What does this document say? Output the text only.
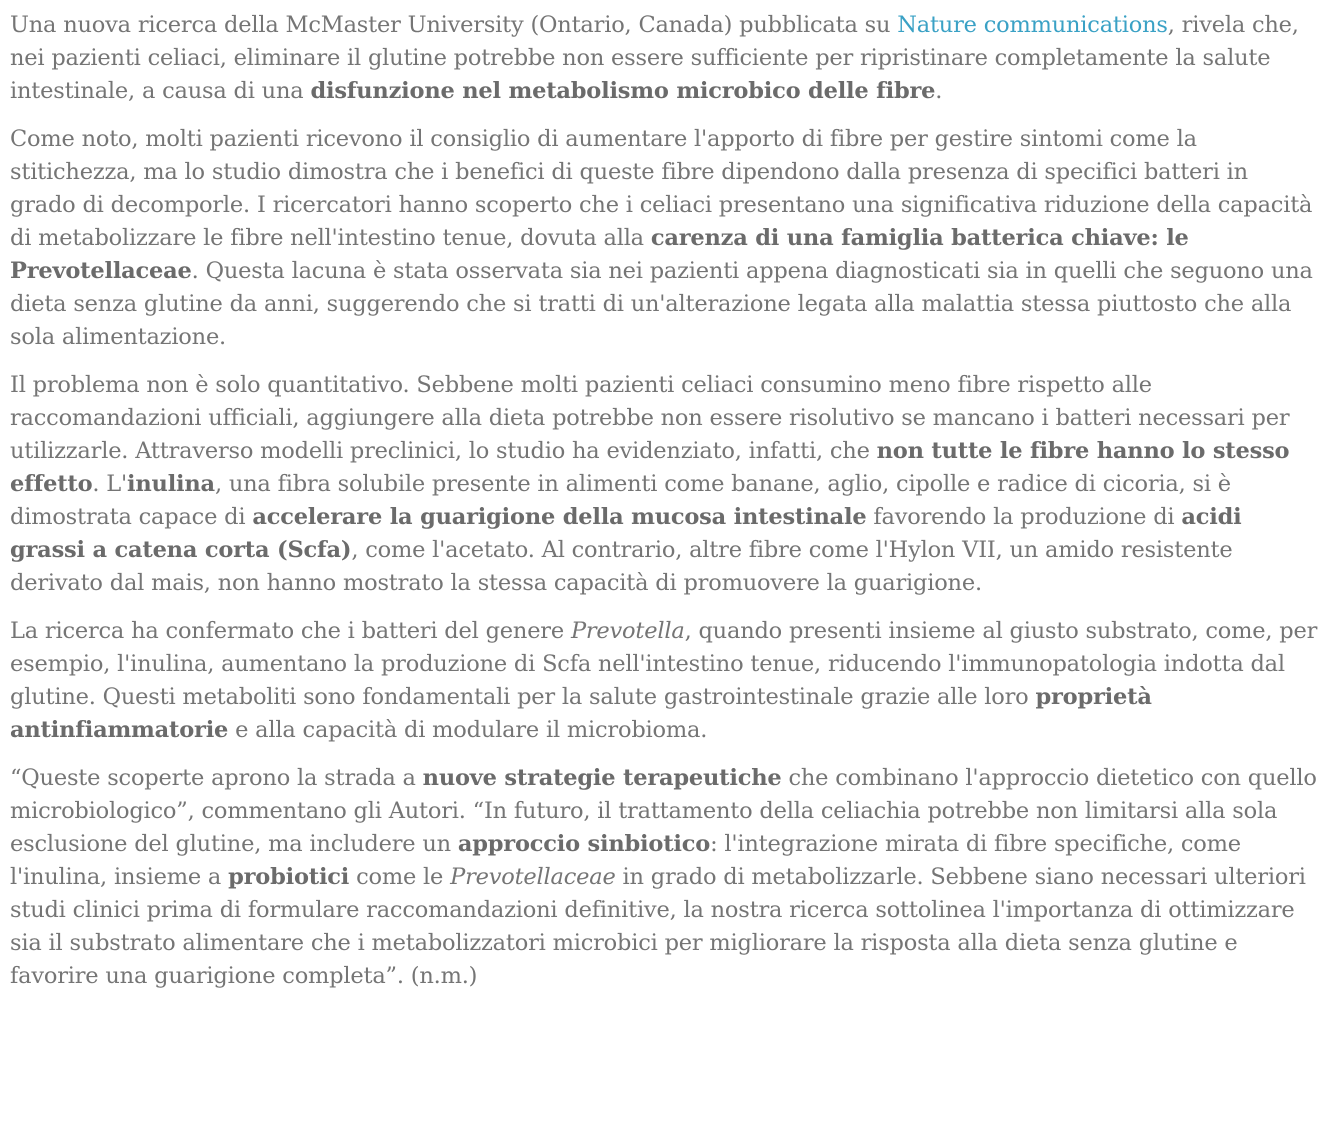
Una nuova ricerca della McMaster University (Ontario, Canada) pubblicata su Nature communications, rivela che, nei pazienti celiaci, eliminare il glutine potrebbe non essere sufficiente per ripristinare completamente la salute intestinale, a causa di una disfunzione nel metabolismo microbico delle fibre.

Come noto, molti pazienti ricevono il consiglio di aumentare l'apporto di fibre per gestire sintomi come la stitichezza, ma lo studio dimostra che i benefici di queste fibre dipendono dalla presenza di specifici batteri in grado di decomporle. I ricercatori hanno scoperto che i celiaci presentano una significativa riduzione della capacità di metabolizzare le fibre nell'intestino tenue, dovuta alla carenza di una famiglia batterica chiave: le Prevotellaceae. Questa lacuna è stata osservata sia nei pazienti appena diagnosticati sia in quelli che seguono una dieta senza glutine da anni, suggerendo che si tratti di un'alterazione legata alla malattia stessa piuttosto che alla sola alimentazione.

Il problema non è solo quantitativo. Sebbene molti pazienti celiaci consumino meno fibre rispetto alle raccomandazioni ufficiali, aggiungere alla dieta potrebbe non essere risolutivo se mancano i batteri necessari per utilizzarle. Attraverso modelli preclinici, lo studio ha evidenziato, infatti, che non tutte le fibre hanno lo stesso effetto. L'inulina, una fibra solubile presente in alimenti come banane, aglio, cipolle e radice di cicoria, si è dimostrata capace di accelerare la guarigione della mucosa intestinale favorendo la produzione di acidi grassi a catena corta (Scfa), come l'acetato. Al contrario, altre fibre come l'Hylon VII, un amido resistente derivato dal mais, non hanno mostrato la stessa capacità di promuovere la guarigione.

La ricerca ha confermato che i batteri del genere Prevotella, quando presenti insieme al giusto substrato, come, per esempio, l'inulina, aumentano la produzione di Scfa nell'intestino tenue, riducendo l'immunopatologia indotta dal glutine. Questi metaboliti sono fondamentali per la salute gastrointestinale grazie alle loro proprietà antinfiammatorie e alla capacità di modulare il microbioma.

“Queste scoperte aprono la strada a nuove strategie terapeutiche che combinano l'approccio dietetico con quello microbiologico”, commentano gli Autori. “In futuro, il trattamento della celiachia potrebbe non limitarsi alla sola esclusione del glutine, ma includere un approccio sinbiotico: l'integrazione mirata di fibre specifiche, come l'inulina, insieme a probiotici come le Prevotellaceae in grado di metabolizzarle. Sebbene siano necessari ulteriori studi clinici prima di formulare raccomandazioni definitive, la nostra ricerca sottolinea l'importanza di ottimizzare sia il substrato alimentare che i metabolizzatori microbici per migliorare la risposta alla dieta senza glutine e favorire una guarigione completa”. (n.m.)
